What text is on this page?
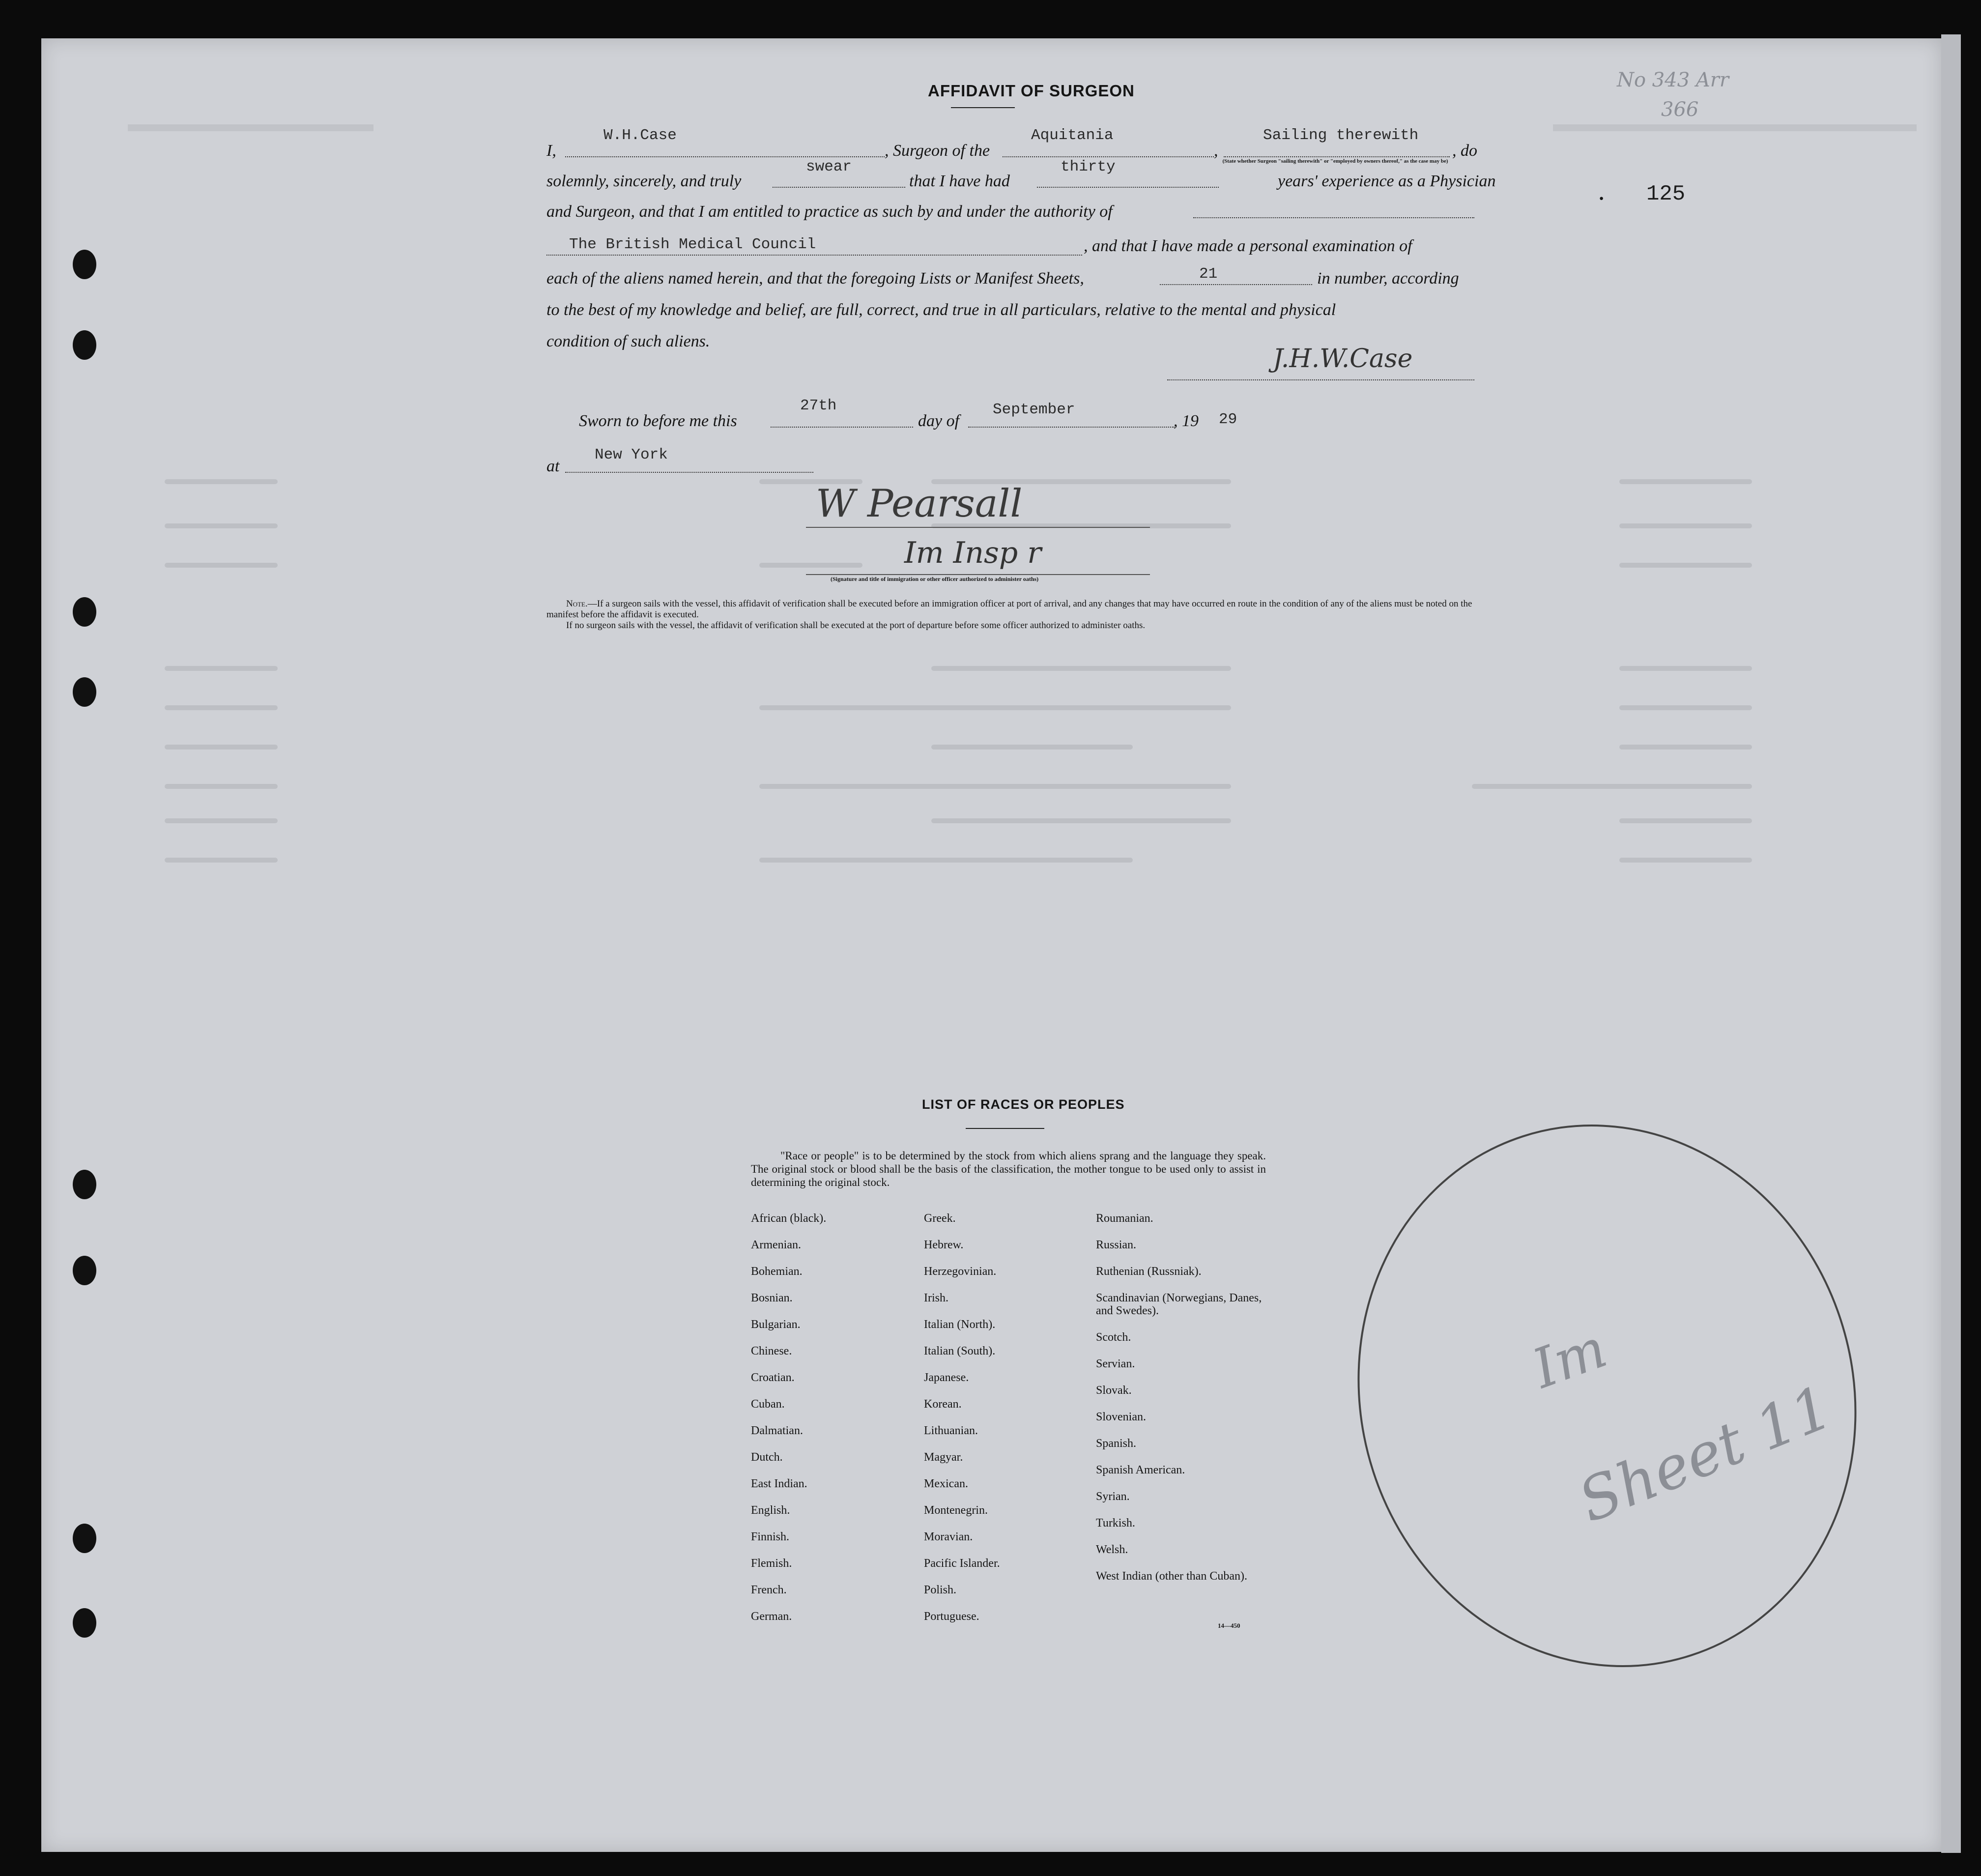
No 343 Arr
366
· 125
AFFIDAVIT OF SURGEON
I,
W.H.Case
, Surgeon of the
Aquitania
,
Sailing therewith
, do
(State whether Surgeon "sailing therewith" or "employed by owners thereof," as the case may be)
solemnly, sincerely, and truly
swear
that I have had
thirty
years' experience as a Physician
and Surgeon, and that I am entitled to practice as such by and under the authority of
The British Medical Council	, and that I have made a personal examination of
each of the aliens named herein, and that the foregoing Lists or Manifest Sheets,	21	in number, according
to the best of my knowledge and belief, are full, correct, and true in all particulars, relative to the mental and physical
condition of such aliens.
J.H.W.Case
Sworn to before me this
27th
day of
September
, 19 29
at
New York
W Pearsall
Im Insp r
(Signature and title of immigration or other officer authorized to administer oaths)
Note.—If a surgeon sails with the vessel, this affidavit of verification shall be executed before an immigration officer at port of arrival, and any changes that may have occurred en route in the condition of any of the aliens must be noted on the manifest before the affidavit is executed.
If no surgeon sails with the vessel, the affidavit of verification shall be executed at the port of departure before some officer authorized to administer oaths.
LIST OF RACES OR PEOPLES
"Race or people" is to be determined by the stock from which aliens sprang and the language they speak. The original stock or blood shall be the basis of the classification, the mother tongue to be used only to assist in determining the original stock.
African (black).
Armenian.
Bohemian.
Bosnian.
Bulgarian.
Chinese.
Croatian.
Cuban.
Dalmatian.
Dutch.
East Indian.
English.
Finnish.
Flemish.
French.
German.
Greek.
Hebrew.
Herzegovinian.
Irish.
Italian (North).
Italian (South).
Japanese.
Korean.
Lithuanian.
Magyar.
Mexican.
Montenegrin.
Moravian.
Pacific Islander.
Polish.
Portuguese.
Roumanian.
Russian.
Ruthenian (Russniak).
Scandinavian (Norwegians, Danes, and Swedes).
Scotch.
Servian.
Slovak.
Slovenian.
Spanish.
Spanish American.
Syrian.
Turkish.
Welsh.
West Indian (other than Cuban).
14—450
Im
Sheet 11
